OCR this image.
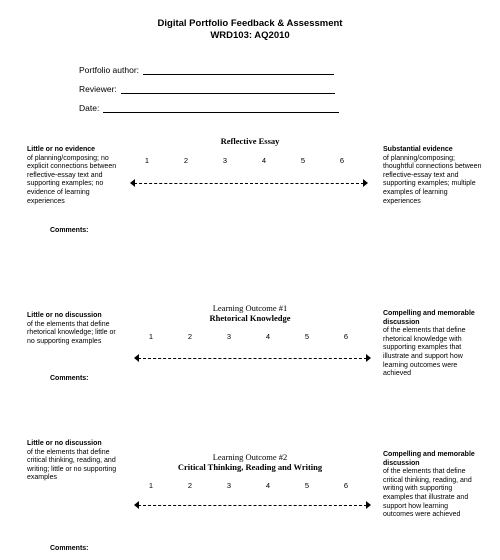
Digital Portfolio Feedback & Assessment
WRD103: AQ2010
Portfolio author:
Reviewer:
Date:
Reflective Essay
Little or no evidence
of planning/composing; no explicit connections between reflective-essay text and supporting examples; no evidence of learning experiences
Substantial evidence
of planning/composing; thoughtful connections between reflective-essay text and supporting examples; multiple examples of learning experiences
1	2	3	4	5	6
Comments:
Learning Outcome #1
Rhetorical Knowledge
Little or no discussion
of the elements that define rhetorical knowledge; little or no supporting examples
Compelling and memorable discussion
of the elements that define rhetorical knowledge with supporting examples that illustrate and support how learning outcomes were achieved
1	2	3	4	5	6
Comments:
Little or no discussion
of the elements that define critical thinking, reading, and writing; little or no supporting examples
Learning Outcome #2
Critical Thinking, Reading and Writing
Compelling and memorable discussion
of the elements that define critical thinking, reading, and writing with supporting examples that illustrate and support how learning outcomes were achieved
1	2	3	4	5	6
Comments:
